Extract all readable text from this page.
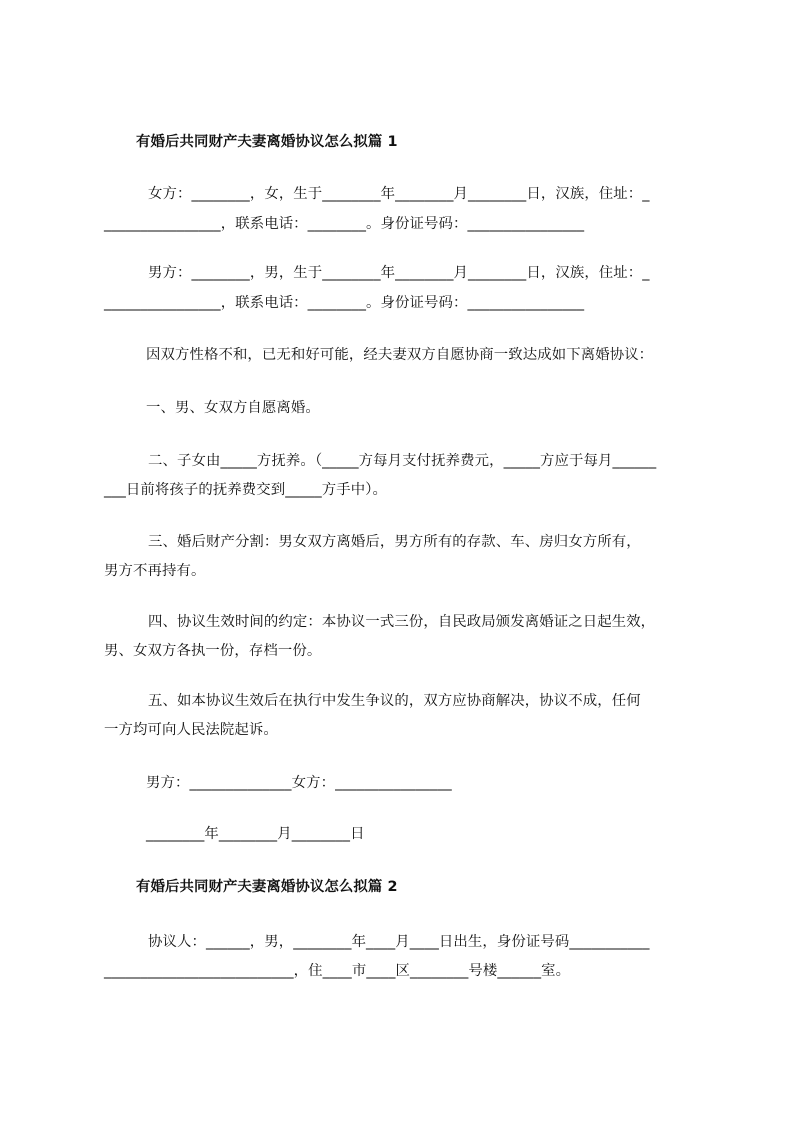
有婚后共同财产夫妻离婚协议怎么拟篇 1
女方：________，女，生于________年________月________日，汉族，住址：_
________________，联系电话：________。身份证号码：________________
男方：________，男，生于________年________月________日，汉族，住址：_
________________，联系电话：________。身份证号码：________________
因双方性格不和，已无和好可能，经夫妻双方自愿协商一致达成如下离婚协议：
一、男、女双方自愿离婚。
二、子女由_____方抚养。（_____方每月支付抚养费元，_____方应于每月______
___日前将孩子的抚养费交到_____方手中）。
三、婚后财产分割：男女双方离婚后，男方所有的存款、车、房归女方所有，
男方不再持有。
四、协议生效时间的约定：本协议一式三份，自民政局颁发离婚证之日起生效，
男、女双方各执一份，存档一份。
五、如本协议生效后在执行中发生争议的，双方应协商解决，协议不成，任何
一方均可向人民法院起诉。
男方：______________女方：________________
________年________月________日
有婚后共同财产夫妻离婚协议怎么拟篇 2
协议人：______，男，________年____月____日出生，身份证号码___________
__________________________，住____市____区________号楼______室。
